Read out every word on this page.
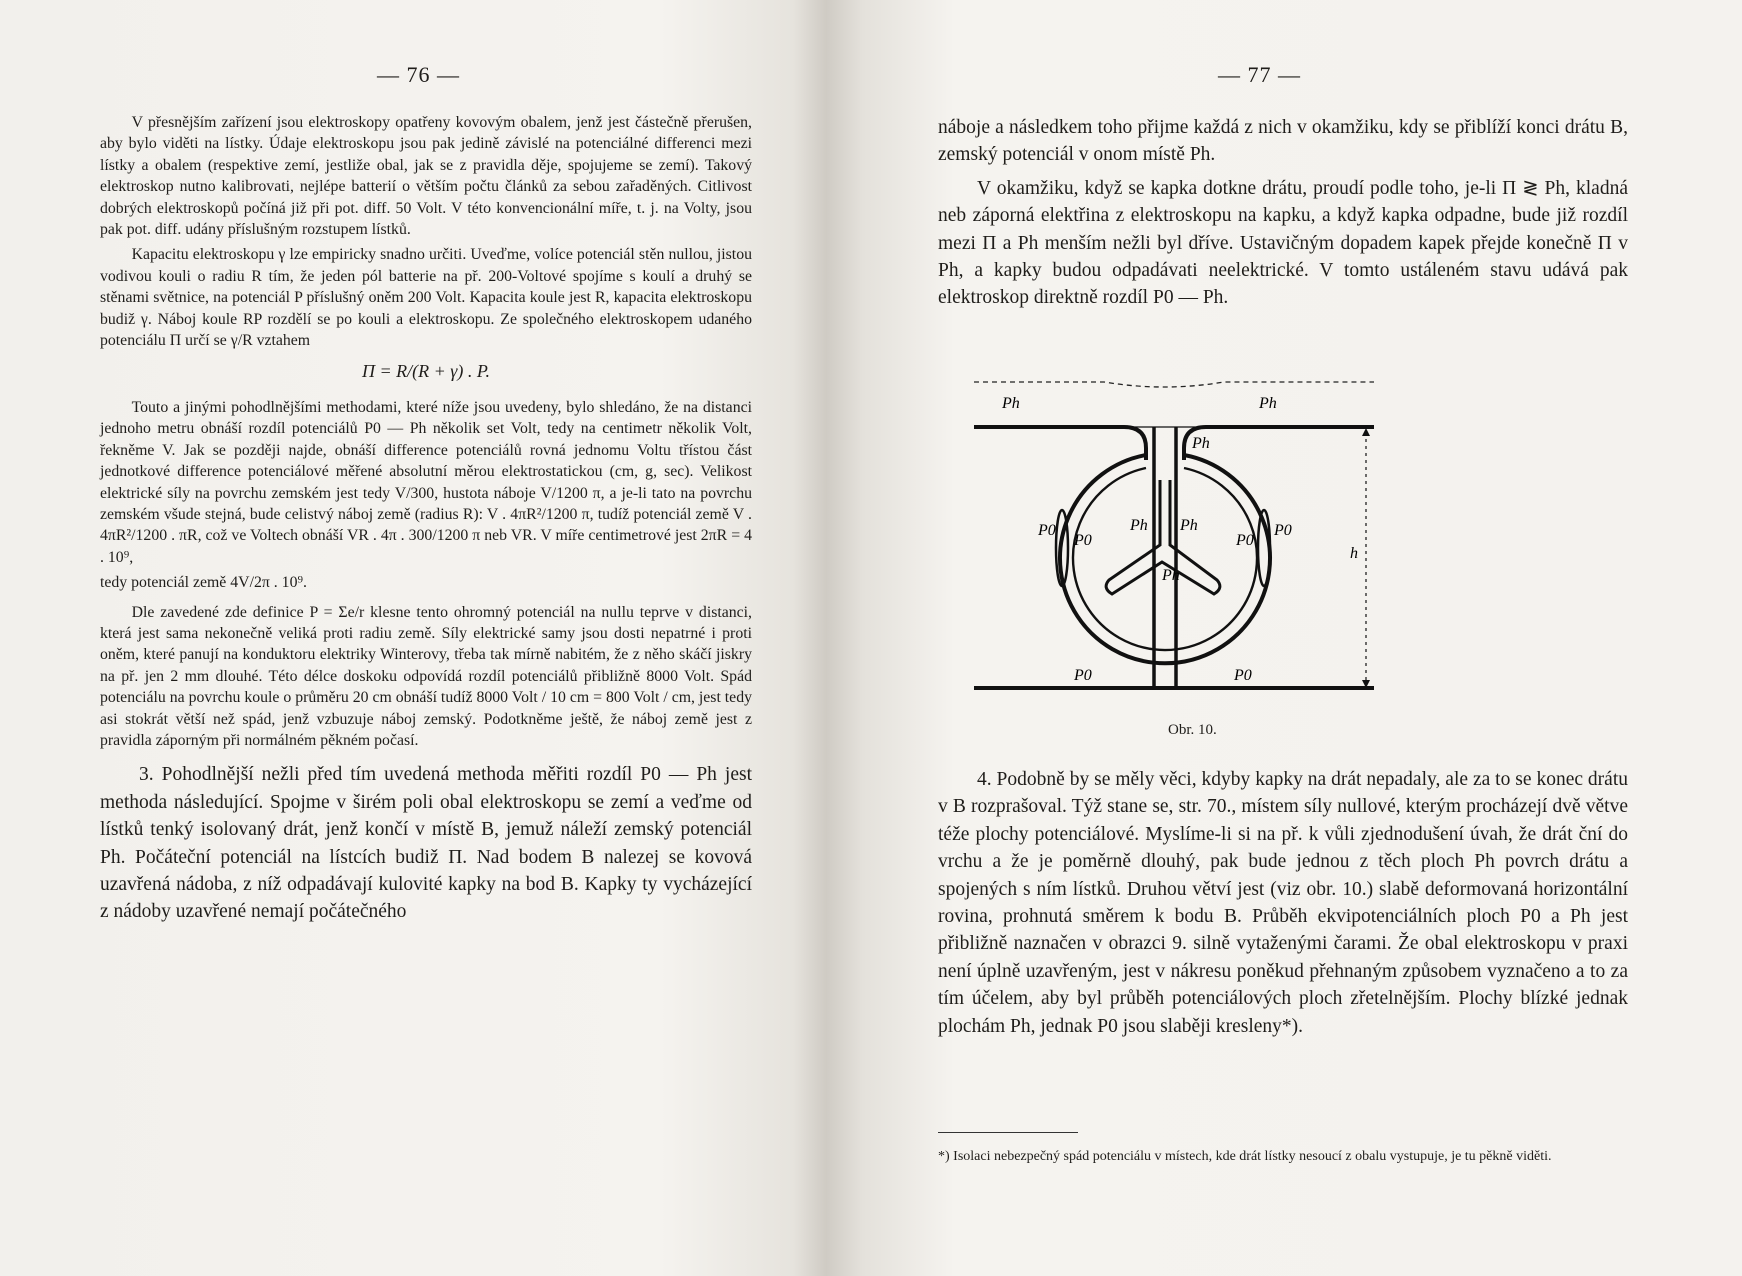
— 76 —

V přesnějším zařízení jsou elektroskopy opatřeny kovovým obalem, jenž jest částečně přerušen, aby bylo viděti na lístky. Údaje elektroskopu jsou pak jedině závislé na potenciálné differenci mezi lístky a obalem (respektive zemí, jestliže obal, jak se z pravidla děje, spojujeme se zemí). Takový elektroskop nutno kalibrovati, nejlépe batterií o větším počtu článků za sebou zařaděných. Citlivost dobrých elektroskopů počíná již při pot. diff. 50 Volt. V této konvencionální míře, t. j. na Volty, jsou pak pot. diff. udány příslušným rozstupem lístků.

Kapacitu elektroskopu γ lze empiricky snadno určiti. Uveďme, volíce potenciál stěn nullou, jistou vodivou kouli o radiu R tím, že jeden pól batterie na př. 200-Voltové spojíme s koulí a druhý se stěnami světnice, na potenciál P příslušný oněm 200 Volt. Kapacita koule jest R, kapacita elektroskopu budiž γ. Náboj koule RP rozdělí se po kouli a elektroskopu. Ze společného elektroskopem udaného potenciálu Π určí se γ/R vztahem

Π = R/(R + γ) . P.

Touto a jinými pohodlnějšími methodami, které níže jsou uvedeny, bylo shledáno, že na distanci jednoho metru obnáší rozdíl potenciálů P0 — Ph několik set Volt, tedy na centimetr několik Volt, řekněme V. Jak se později najde, obnáší difference potenciálů rovná jednomu Voltu třístou část jednotkové difference potenciálové měřené absolutní měrou elektrostatickou (cm, g, sec). Velikost elektrické síly na povrchu zemském jest tedy V/300, hustota náboje V/1200 π, a je-li tato na povrchu zemském všude stejná, bude celistvý náboj země (radius R): V . 4πR²/1200 π, tudíž potenciál země V . 4πR²/1200 . πR, což ve Voltech obnáší VR . 4π . 300/1200 π neb VR. V míře centimetrové jest 2πR = 4 . 10⁹,

tedy potenciál země 4V/2π . 10⁹.

Dle zavedené zde definice P = Σe/r klesne tento ohromný potenciál na nullu teprve v distanci, která jest sama nekonečně veliká proti radiu země. Síly elektrické samy jsou dosti nepatrné i proti oněm, které panují na konduktoru elektriky Winterovy, třeba tak mírně nabitém, že z něho skáčí jiskry na př. jen 2 mm dlouhé. Této délce doskoku odpovídá rozdíl potenciálů přibližně 8000 Volt. Spád potenciálu na povrchu koule o průměru 20 cm obnáší tudíž 8000 Volt / 10 cm = 800 Volt / cm, jest tedy asi stokrát větší než spád, jenž vzbuzuje náboj zemský. Podotkněme ještě, že náboj země jest z pravidla záporným při normálném pěkném počasí.

3. Pohodlnější nežli před tím uvedená methoda měřiti rozdíl P0 — Ph jest methoda následující. Spojme v širém poli obal elektroskopu se zemí a veďme od lístků tenký isolovaný drát, jenž končí v místě B, jemuž náleží zemský potenciál Ph. Počáteční potenciál na lístcích budiž Π. Nad bodem B nalezej se kovová uzavřená nádoba, z níž odpadávají kulovité kapky na bod B. Kapky ty vycházející z nádoby uzavřené nemají počátečného

— 77 —

náboje a následkem toho přijme každá z nich v okamžiku, kdy se přiblíží konci drátu B, zemský potenciál v onom místě Ph.

V okamžiku, když se kapka dotkne drátu, proudí podle toho, je-li Π ≷ Ph, kladná neb záporná elektřina z elektroskopu na kapku, a když kapka odpadne, bude již rozdíl mezi Π a Ph menším nežli byl dříve. Ustavičným dopadem kapek přejde konečně Π v Ph, a kapky budou odpadávati neelektrické. V tomto ustáleném stavu udává pak elektroskop direktně rozdíl P0 — Ph.

Ph	Ph
Ph
P0
P0
Ph Ph
P0
P0
Ph
h
P0	P0
Obr. 10.

4. Podobně by se měly věci, kdyby kapky na drát nepadaly, ale za to se konec drátu v B rozprašoval. Týž stane se, str. 70., místem síly nullové, kterým procházejí dvě větve téže plochy potenciálové. Myslíme-li si na př. k vůli zjednodušení úvah, že drát ční do vrchu a že je poměrně dlouhý, pak bude jednou z těch ploch Ph povrch drátu a spojených s ním lístků. Druhou větví jest (viz obr. 10.) slabě deformovaná horizontální rovina, prohnutá směrem k bodu B. Průběh ekvipotenciálních ploch P0 a Ph jest přibližně naznačen v obrazci 9. silně vytaženými čarami. Že obal elektroskopu v praxi není úplně uzavřeným, jest v nákresu poněkud přehnaným způsobem vyznačeno a to za tím účelem, aby byl průběh potenciálových ploch zřetelnějším. Plochy blízké jednak plochám Ph, jednak P0 jsou slaběji kresleny*).

*) Isolaci nebezpečný spád potenciálu v místech, kde drát lístky nesoucí z obalu vystupuje, je tu pěkně viděti.
